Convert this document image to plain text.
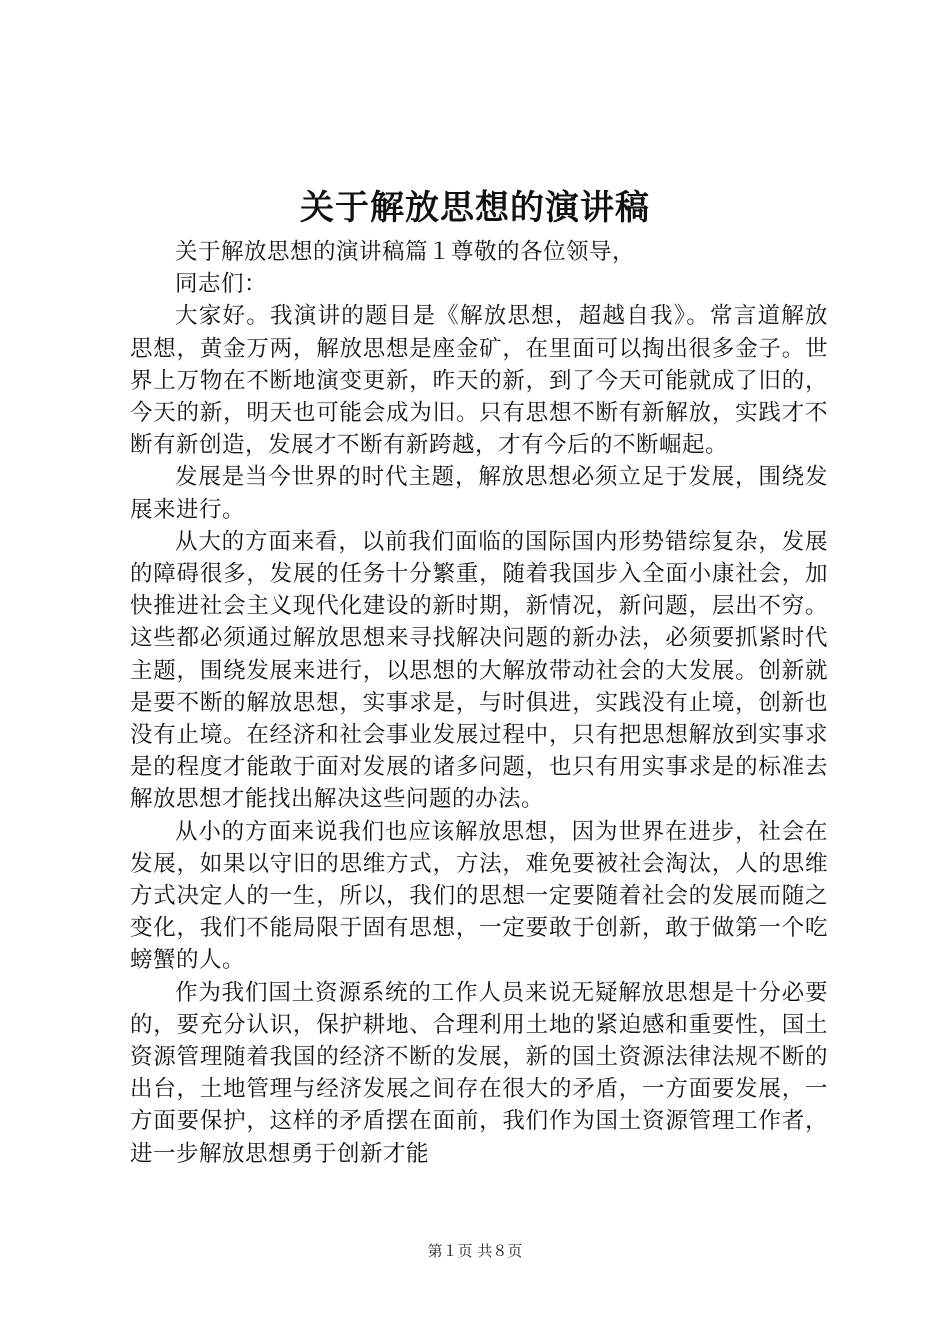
关于解放思想的演讲稿

关于解放思想的演讲稿篇１尊敬的各位领导，

同志们：

大家好。我演讲的题目是《解放思想，超越自我》。常言道解放思想，黄金万两，解放思想是座金矿，在里面可以掏出很多金子。世界上万物在不断地演变更新，昨天的新，到了今天可能就成了旧的，今天的新，明天也可能会成为旧。只有思想不断有新解放，实践才不断有新创造，发展才不断有新跨越，才有今后的不断崛起。

发展是当今世界的时代主题，解放思想必须立足于发展，围绕发展来进行。

从大的方面来看，以前我们面临的国际国内形势错综复杂，发展的障碍很多，发展的任务十分繁重，随着我国步入全面小康社会，加快推进社会主义现代化建设的新时期，新情况，新问题，层出不穷。这些都必须通过解放思想来寻找解决问题的新办法，必须要抓紧时代主题，围绕发展来进行，以思想的大解放带动社会的大发展。创新就是要不断的解放思想，实事求是，与时俱进，实践没有止境，创新也没有止境。在经济和社会事业发展过程中，只有把思想解放到实事求是的程度才能敢于面对发展的诸多问题，也只有用实事求是的标准去解放思想才能找出解决这些问题的办法。

从小的方面来说我们也应该解放思想，因为世界在进步，社会在发展，如果以守旧的思维方式，方法，难免要被社会淘汰，人的思维方式决定人的一生，所以，我们的思想一定要随着社会的发展而随之变化，我们不能局限于固有思想，一定要敢于创新，敢于做第一个吃螃蟹的人。

作为我们国土资源系统的工作人员来说无疑解放思想是十分必要的，要充分认识，保护耕地、合理利用土地的紧迫感和重要性，国土资源管理随着我国的经济不断的发展，新的国土资源法律法规不断的出台，土地管理与经济发展之间存在很大的矛盾，一方面要发展，一方面要保护，这样的矛盾摆在面前，我们作为国土资源管理工作者，进一步解放思想勇于创新才能

第１页 共８页
